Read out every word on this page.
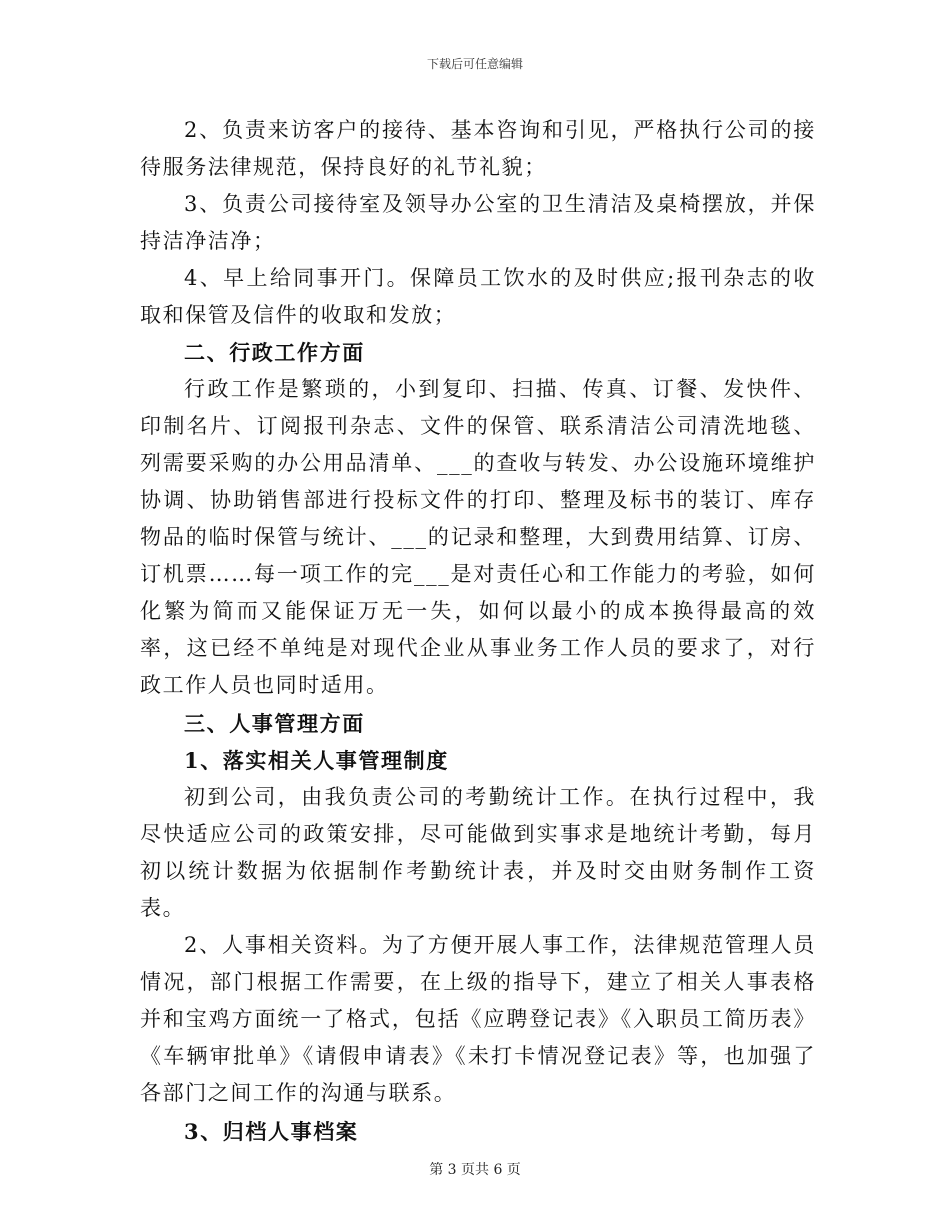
下载后可任意编辑

2、负责来访客户的接待、基本咨询和引见，严格执行公司的接待服务法律规范，保持良好的礼节礼貌；

3、负责公司接待室及领导办公室的卫生清洁及桌椅摆放，并保持洁净洁净；

4、早上给同事开门。保障员工饮水的及时供应;报刊杂志的收取和保管及信件的收取和发放；

二、行政工作方面

行政工作是繁琐的，小到复印、扫描、传真、订餐、发快件、印制名片、订阅报刊杂志、文件的保管、联系清洁公司清洗地毯、列需要采购的办公用品清单、___的查收与转发、办公设施环境维护协调、协助销售部进行投标文件的打印、整理及标书的装订、库存物品的临时保管与统计、___的记录和整理，大到费用结算、订房、订机票……每一项工作的完___是对责任心和工作能力的考验，如何化繁为简而又能保证万无一失，如何以最小的成本换得最高的效率，这已经不单纯是对现代企业从事业务工作人员的要求了，对行政工作人员也同时适用。

三、人事管理方面

1、落实相关人事管理制度

初到公司，由我负责公司的考勤统计工作。在执行过程中，我尽快适应公司的政策安排，尽可能做到实事求是地统计考勤，每月初以统计数据为依据制作考勤统计表，并及时交由财务制作工资表。

2、人事相关资料。为了方便开展人事工作，法律规范管理人员情况，部门根据工作需要，在上级的指导下，建立了相关人事表格并和宝鸡方面统一了格式，包括《应聘登记表》《入职员工简历表》《车辆审批单》《请假申请表》《未打卡情况登记表》等，也加强了各部门之间工作的沟通与联系。

3、归档人事档案

第 3 页共 6 页
